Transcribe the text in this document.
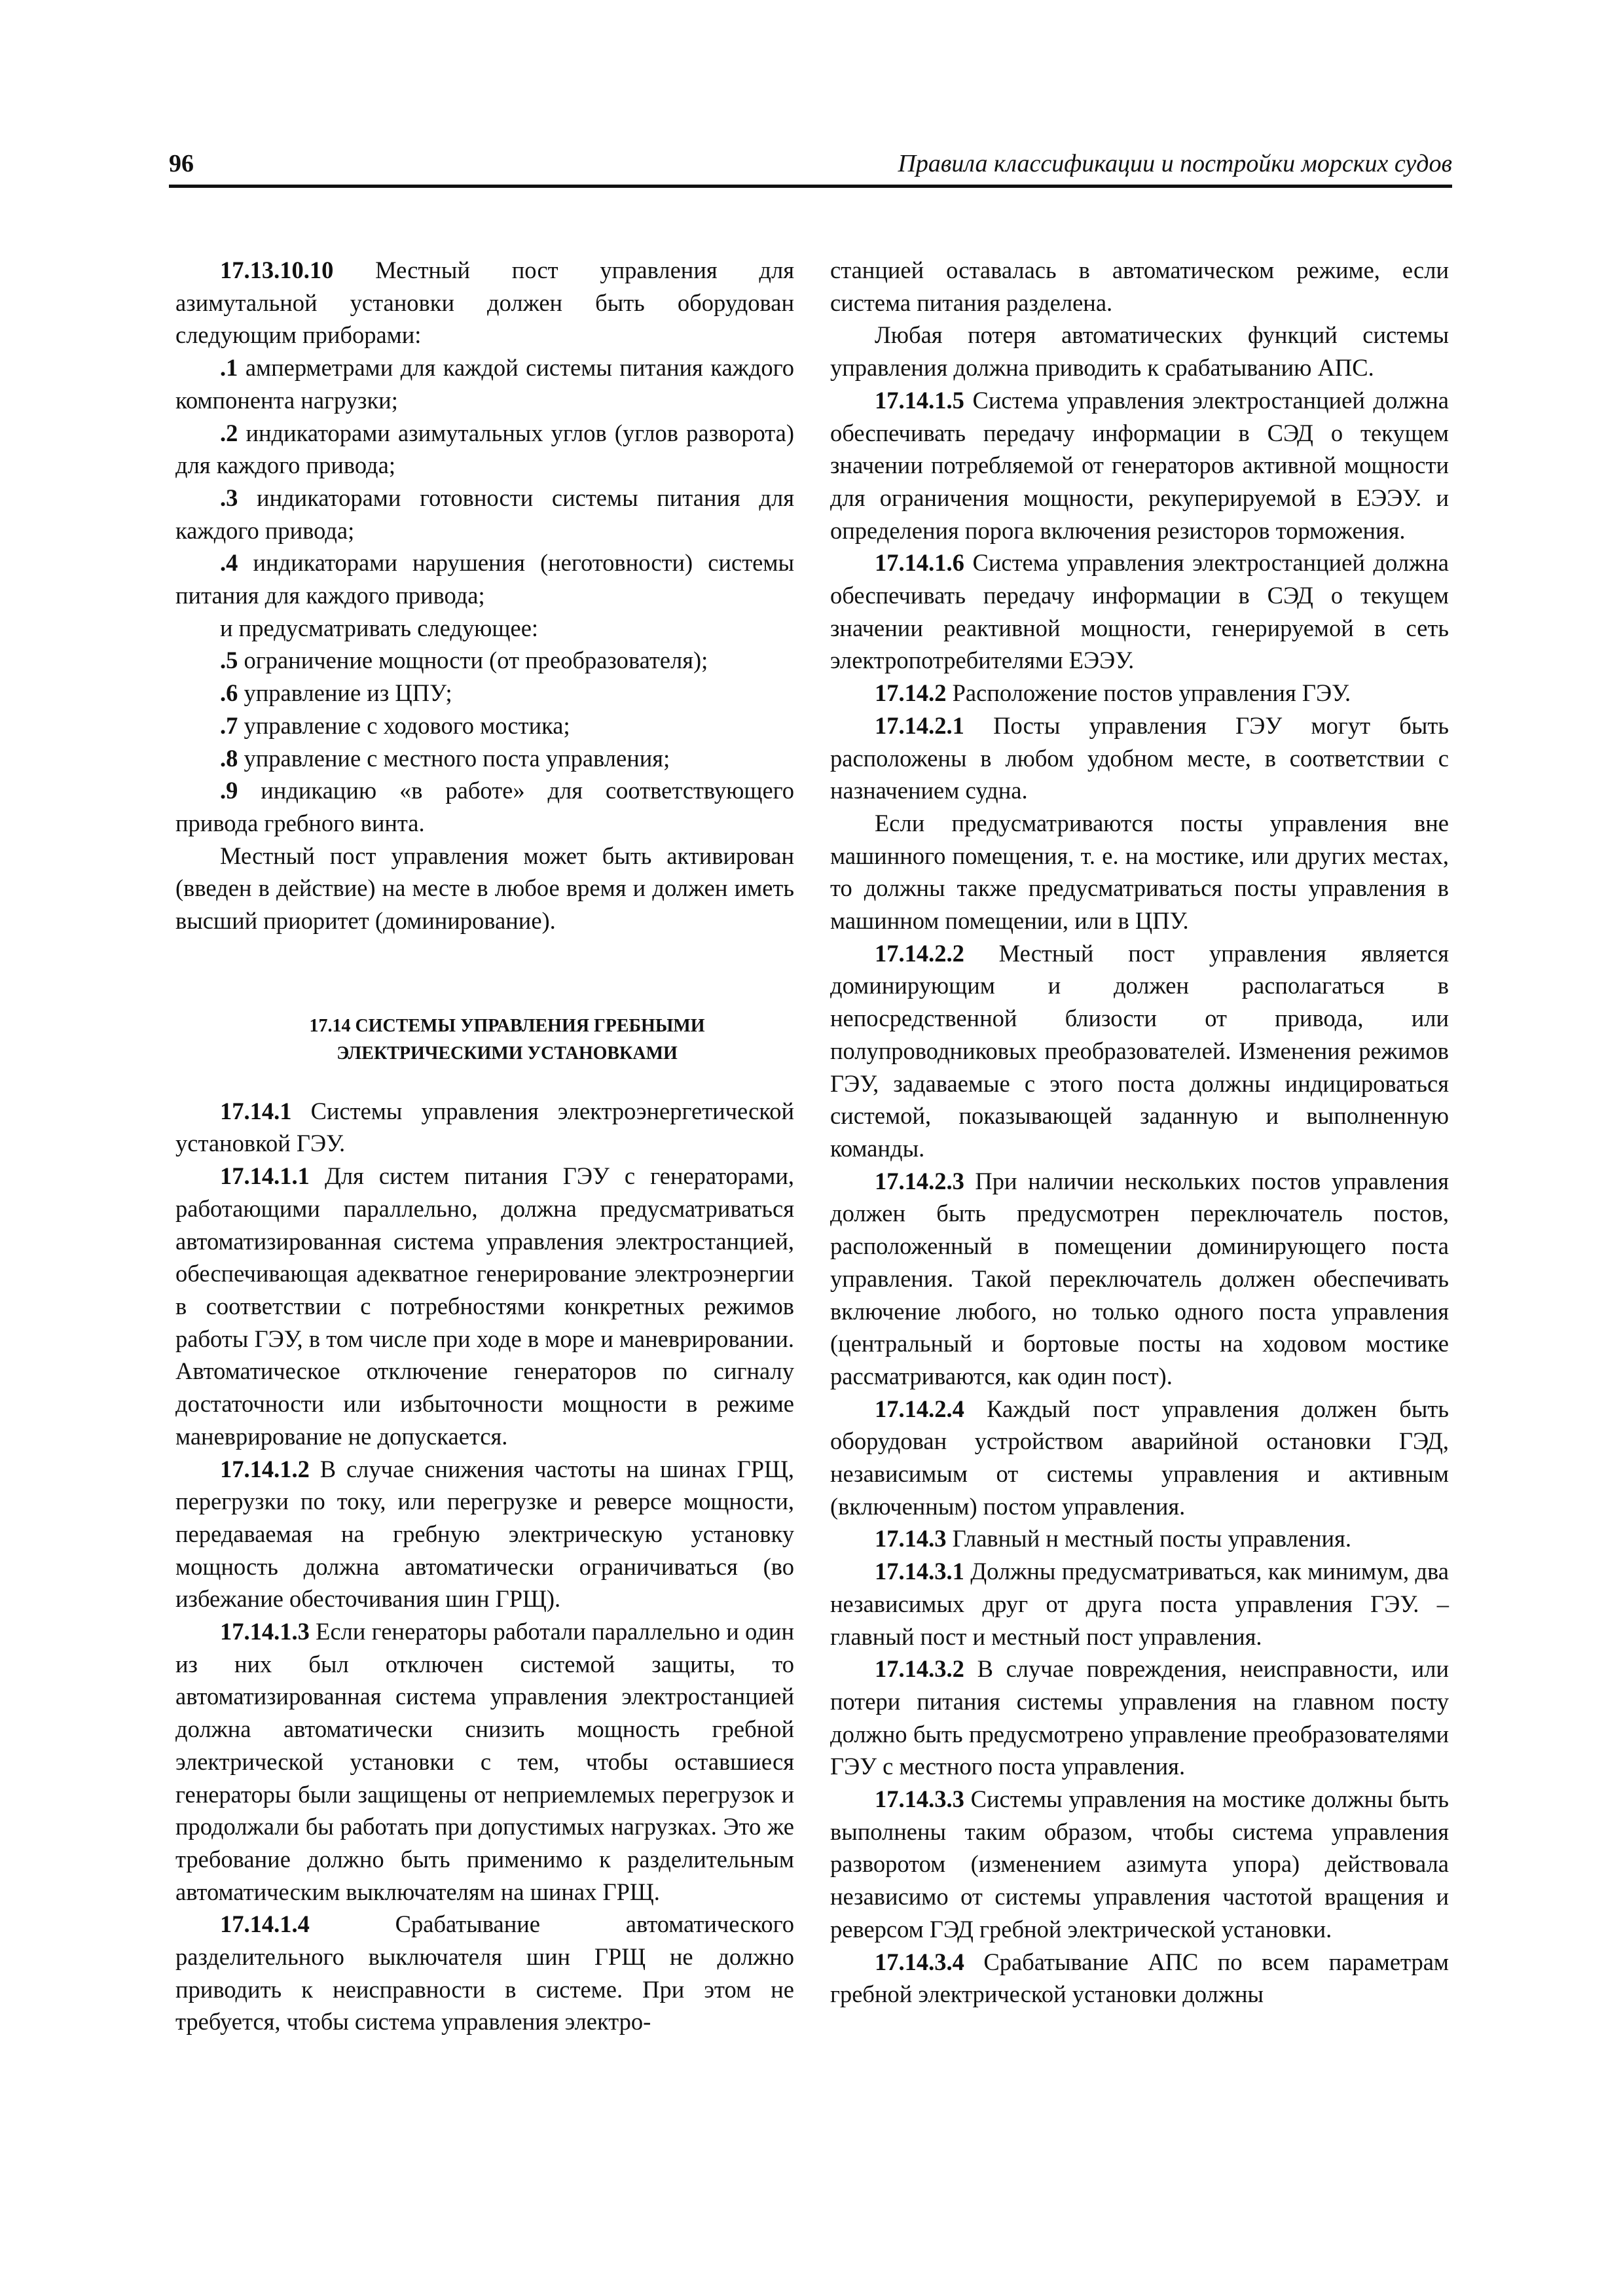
96	Правила классификации и постройки морских судов

17.13.10.10 Местный пост управления для азимутальной установки должен быть оборудован следующим приборами:

.1 амперметрами для каждой системы питания каждого компонента нагрузки;

.2 индикаторами азимутальных углов (углов разворота) для каждого привода;

.3 индикаторами готовности системы питания для каждого привода;

.4 индикаторами нарушения (неготовности) системы питания для каждого привода;

и предусматривать следующее:

.5 ограничение мощности (от преобразователя);

.6 управление из ЦПУ;

.7 управление с ходового мостика;

.8 управление с местного поста управления;

.9 индикацию «в работе» для соответствующего привода гребного винта.

Местный пост управления может быть активирован (введен в действие) на месте в любое время и должен иметь высший приоритет (доминирование).

17.14 СИСТЕМЫ УПРАВЛЕНИЯ ГРЕБНЫМИ

ЭЛЕКТРИЧЕСКИМИ УСТАНОВКАМИ

17.14.1 Системы управления электроэнергетической установкой ГЭУ.

17.14.1.1 Для систем питания ГЭУ с генераторами, работающими параллельно, должна предусматриваться автоматизированная система управления электростанцией, обеспечивающая адекватное генерирование электроэнергии в соответствии с потребностями конкретных режимов работы ГЭУ, в том числе при ходе в море и маневрировании. Автоматическое отключение генераторов по сигналу достаточности или избыточности мощности в режиме маневрирование не допускается.

17.14.1.2 В случае снижения частоты на шинах ГРЩ, перегрузки по току, или перегрузке и реверсе мощности, передаваемая на гребную электрическую установку мощность должна автоматически ограничиваться (во избежание обесточивания шин ГРЩ).

17.14.1.3 Если генераторы работали параллельно и один из них был отключен системой защиты, то автоматизированная система управления электростанцией должна автоматически снизить мощность гребной электрической установки с тем, чтобы оставшиеся генераторы были защищены от неприемлемых перегрузок и продолжали бы работать при допустимых нагрузках. Это же требование должно быть применимо к разделительным автоматическим выключателям на шинах ГРЩ.

17.14.1.4 Срабатывание автоматического разделительного выключателя шин ГРЩ не должно приводить к неисправности в системе. При этом не требуется, чтобы система управления электро-

станцией оставалась в автоматическом режиме, если система питания разделена.

Любая потеря автоматических функций системы управления должна приводить к срабатыванию АПС.

17.14.1.5 Система управления электростанцией должна обеспечивать передачу информации в СЭД о текущем значении потребляемой от генераторов активной мощности для ограничения мощности, рекуперируемой в ЕЭЭУ. и определения порога включения резисторов торможения.

17.14.1.6 Система управления электростанцией должна обеспечивать передачу информации в СЭД о текущем значении реактивной мощности, генерируемой в сеть электропотребителями ЕЭЭУ.

17.14.2 Расположение постов управления ГЭУ.

17.14.2.1 Посты управления ГЭУ могут быть расположены в любом удобном месте, в соответствии с назначением судна.

Если предусматриваются посты управления вне машинного помещения, т. е. на мостике, или других местах, то должны также предусматриваться посты управления в машинном помещении, или в ЦПУ.

17.14.2.2 Местный пост управления является доминирующим и должен располагаться в непосредственной близости от привода, или полупроводниковых преобразователей. Изменения режимов ГЭУ, задаваемые с этого поста должны индицироваться системой, показывающей заданную и выполненную команды.

17.14.2.3 При наличии нескольких постов управления должен быть предусмотрен переключатель постов, расположенный в помещении доминирующего поста управления. Такой переключатель должен обеспечивать включение любого, но только одного поста управления (центральный и бортовые посты на ходовом мостике рассматриваются, как один пост).

17.14.2.4 Каждый пост управления должен быть оборудован устройством аварийной остановки ГЭД, независимым от системы управления и активным (включенным) постом управления.

17.14.3 Главный н местный посты управления.

17.14.3.1 Должны предусматриваться, как минимум, два независимых друг от друга поста управления ГЭУ. – главный пост и местный пост управления.

17.14.3.2 В случае повреждения, неисправности, или потери питания системы управления на главном посту должно быть предусмотрено управление преобразователями ГЭУ с местного поста управления.

17.14.3.3 Системы управления на мостике должны быть выполнены таким образом, чтобы система управления разворотом (изменением азимута упора) действовала независимо от системы управления частотой вращения и реверсом ГЭД гребной электрической установки.

17.14.3.4 Срабатывание АПС по всем параметрам гребной электрической установки должны
